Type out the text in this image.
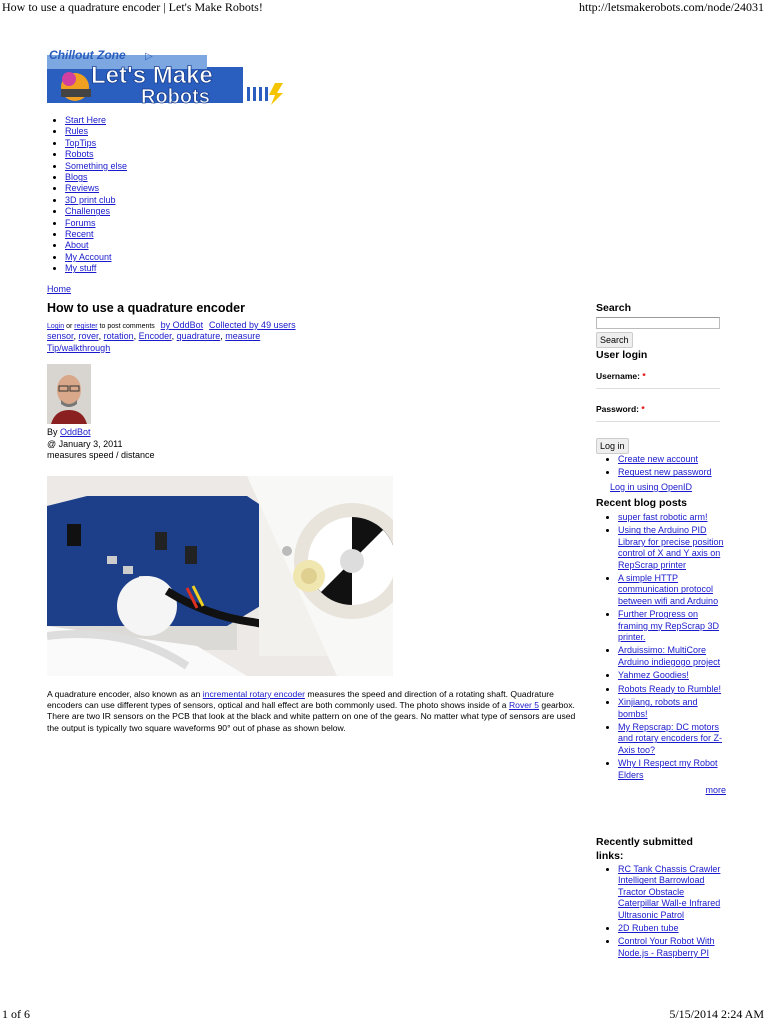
How to use a quadrature encoder | Let's Make Robots!	http://letsmakerobots.com/node/24031
Chillout Zone ▷
Let's Make
Robots
• Start Here
• Rules
• TopTips
• Robots
• Something else
• Blogs
• Reviews
• 3D print club
• Challenges
• Forums
• Recent
• About
• My Account
• My stuff
Home
How to use a quadrature encoder
Login or register to post comments by OddBot Collected by 49 users
sensor, rover, rotation, Encoder, quadrature, measure
Tip/walkthrough
By OddBot
@ January 3, 2011
measures speed / distance
A quadrature encoder, also known as an incremental rotary encoder measures the speed and direction of a rotating shaft. Quadrature encoders can use different types of sensors, optical and hall effect are both commonly used. The photo shows inside of a Rover 5 gearbox. There are two IR sensors on the PCB that look at the black and white pattern on one of the gears. No matter what type of sensors are used the output is typically two square waveforms 90° out of phase as shown below.
Search
Search
User login
Username: *
Password: *
Log in
• Create new account
• Request new password
Log in using OpenID
Recent blog posts
• super fast robotic arm!
• Using the Arduino PID Library for precise position control of X and Y axis on RepScrap printer
• A simple HTTP communication protocol between wifi and Arduino
• Further Progress on framing my RepScrap 3D printer.
• Arduissimo: MultiCore Arduino indiegogo project
• Yahmez Goodies!
• Robots Ready to Rumble!
• Xinjiang, robots and bombs!
• My Repscrap: DC motors and rotary encoders for Z-Axis too?
• Why I Respect my Robot Elders
more
Recently submitted links:
• RC Tank Chassis Crawler Intelligent Barrowload Tractor Obstacle Caterpillar Wall-e Infrared Ultrasonic Patrol
• 2D Ruben tube
• Control Your Robot With Node.js - Raspberry PI
1 of 6	5/15/2014 2:24 AM
